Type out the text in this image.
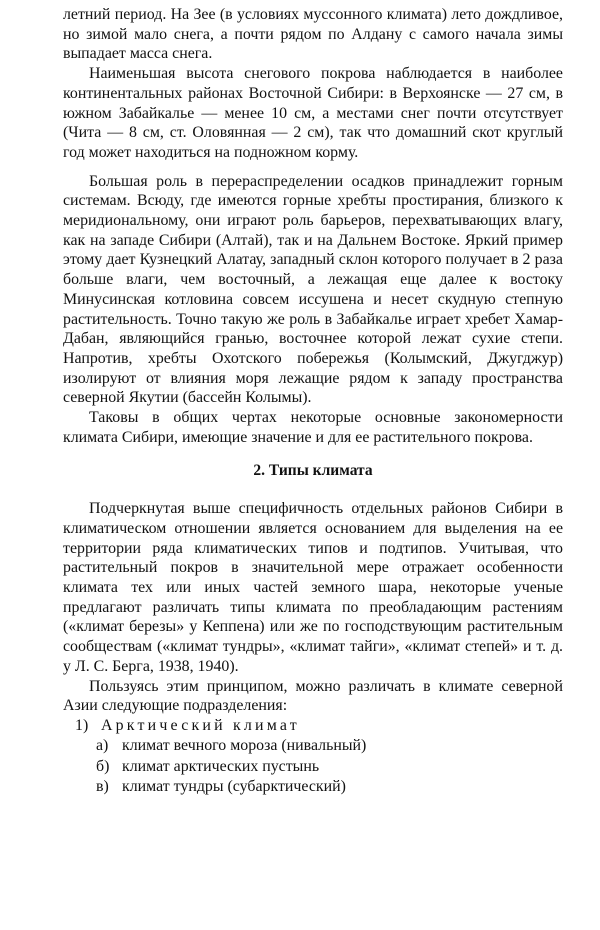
летний период. На Зее (в условиях муссонного климата) лето дождливое, но зимой мало снега, а почти рядом по Алдану с самого начала зимы выпадает масса снега.

Наименьшая высота снегового покрова наблюдается в наиболее континентальных районах Восточной Сибири: в Верхоянске — 27 см, в южном Забайкалье — менее 10 см, а местами снег почти отсутствует (Чита — 8 см, ст. Оловянная — 2 см), так что домашний скот круглый год может находиться на подножном корму.

Большая роль в перераспределении осадков принадлежит горным системам. Всюду, где имеются горные хребты простирания, близкого к меридиональному, они играют роль барьеров, перехватывающих влагу, как на западе Сибири (Алтай), так и на Дальнем Востоке. Яркий пример этому дает Кузнецкий Алатау, западный склон которого получает в 2 раза больше влаги, чем восточный, а лежащая еще далее к востоку Минусинская котловина совсем иссушена и несет скудную степную растительность. Точно такую же роль в Забайкалье играет хребет Хамар-Дабан, являющийся гранью, восточнее которой лежат сухие степи. Напротив, хребты Охотского побережья (Колымский, Джугджур) изолируют от влияния моря лежащие рядом к западу пространства северной Якутии (бассейн Колымы).

Таковы в общих чертах некоторые основные закономерности климата Сибири, имеющие значение и для ее растительного покрова.

2. Типы климата

Подчеркнутая выше специфичность отдельных районов Сибири в климатическом отношении является основанием для выделения на ее территории ряда климатических типов и подтипов. Учитывая, что растительный покров в значительной мере отражает особенности климата тех или иных частей земного шара, некоторые ученые предлагают различать типы климата по преобладающим растениям («климат березы» у Кеппена) или же по господствующим растительным сообществам («климат тундры», «климат тайги», «климат степей» и т. д. у Л. С. Берга, 1938, 1940).

Пользуясь этим принципом, можно различать в климате северной Азии следующие подразделения:

1) Арктический климат

а) климат вечного мороза (нивальный)

б) климат арктических пустынь

в) климат тундры (субарктический)
